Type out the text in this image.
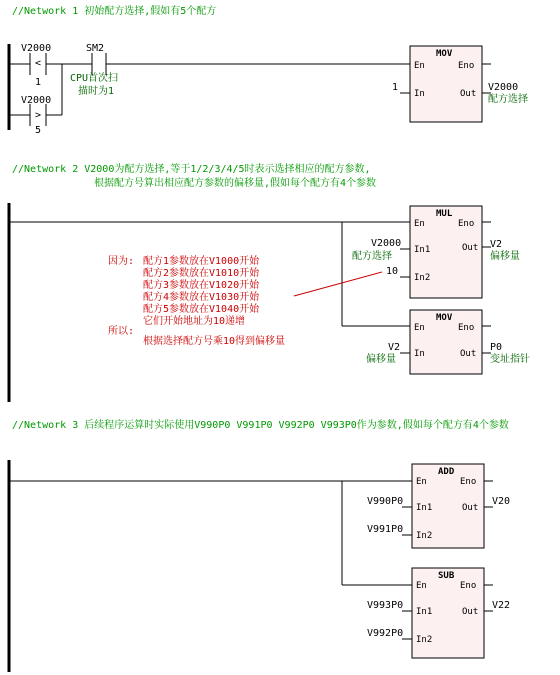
//Network 1 初始配方选择,假如有5个配方
V2000
<
1
SM2
CPU首次扫
描时为1
V2000
>
5
MOV
En	Eno
In	Out
1	V2000
配方选择
//Network 2 V2000为配方选择,等于1/2/3/4/5时表示选择相应的配方参数,
根据配方号算出相应配方参数的偏移量,假如每个配方有4个参数
MUL
En	Eno
In1	Out
In2
V2000
配方选择
10
V2
偏移量
MOV
En	Eno
In	Out
V2
偏移量
P0
变址指针
因为: 配方1参数放在V1000开始
配方2参数放在V1010开始
配方3参数放在V1020开始
配方4参数放在V1030开始
配方5参数放在V1040开始
它们开始地址为10递增
所以:
根据选择配方号乘10得到偏移量
//Network 3 后续程序运算时实际使用V990P0 V991P0 V992P0 V993P0作为参数,假如每个配方有4个参数
ADD
En	Eno
In1	Out
In2
V990P0
V991P0
V20
SUB
En	Eno
In1	Out
In2
V993P0
V992P0
V22
